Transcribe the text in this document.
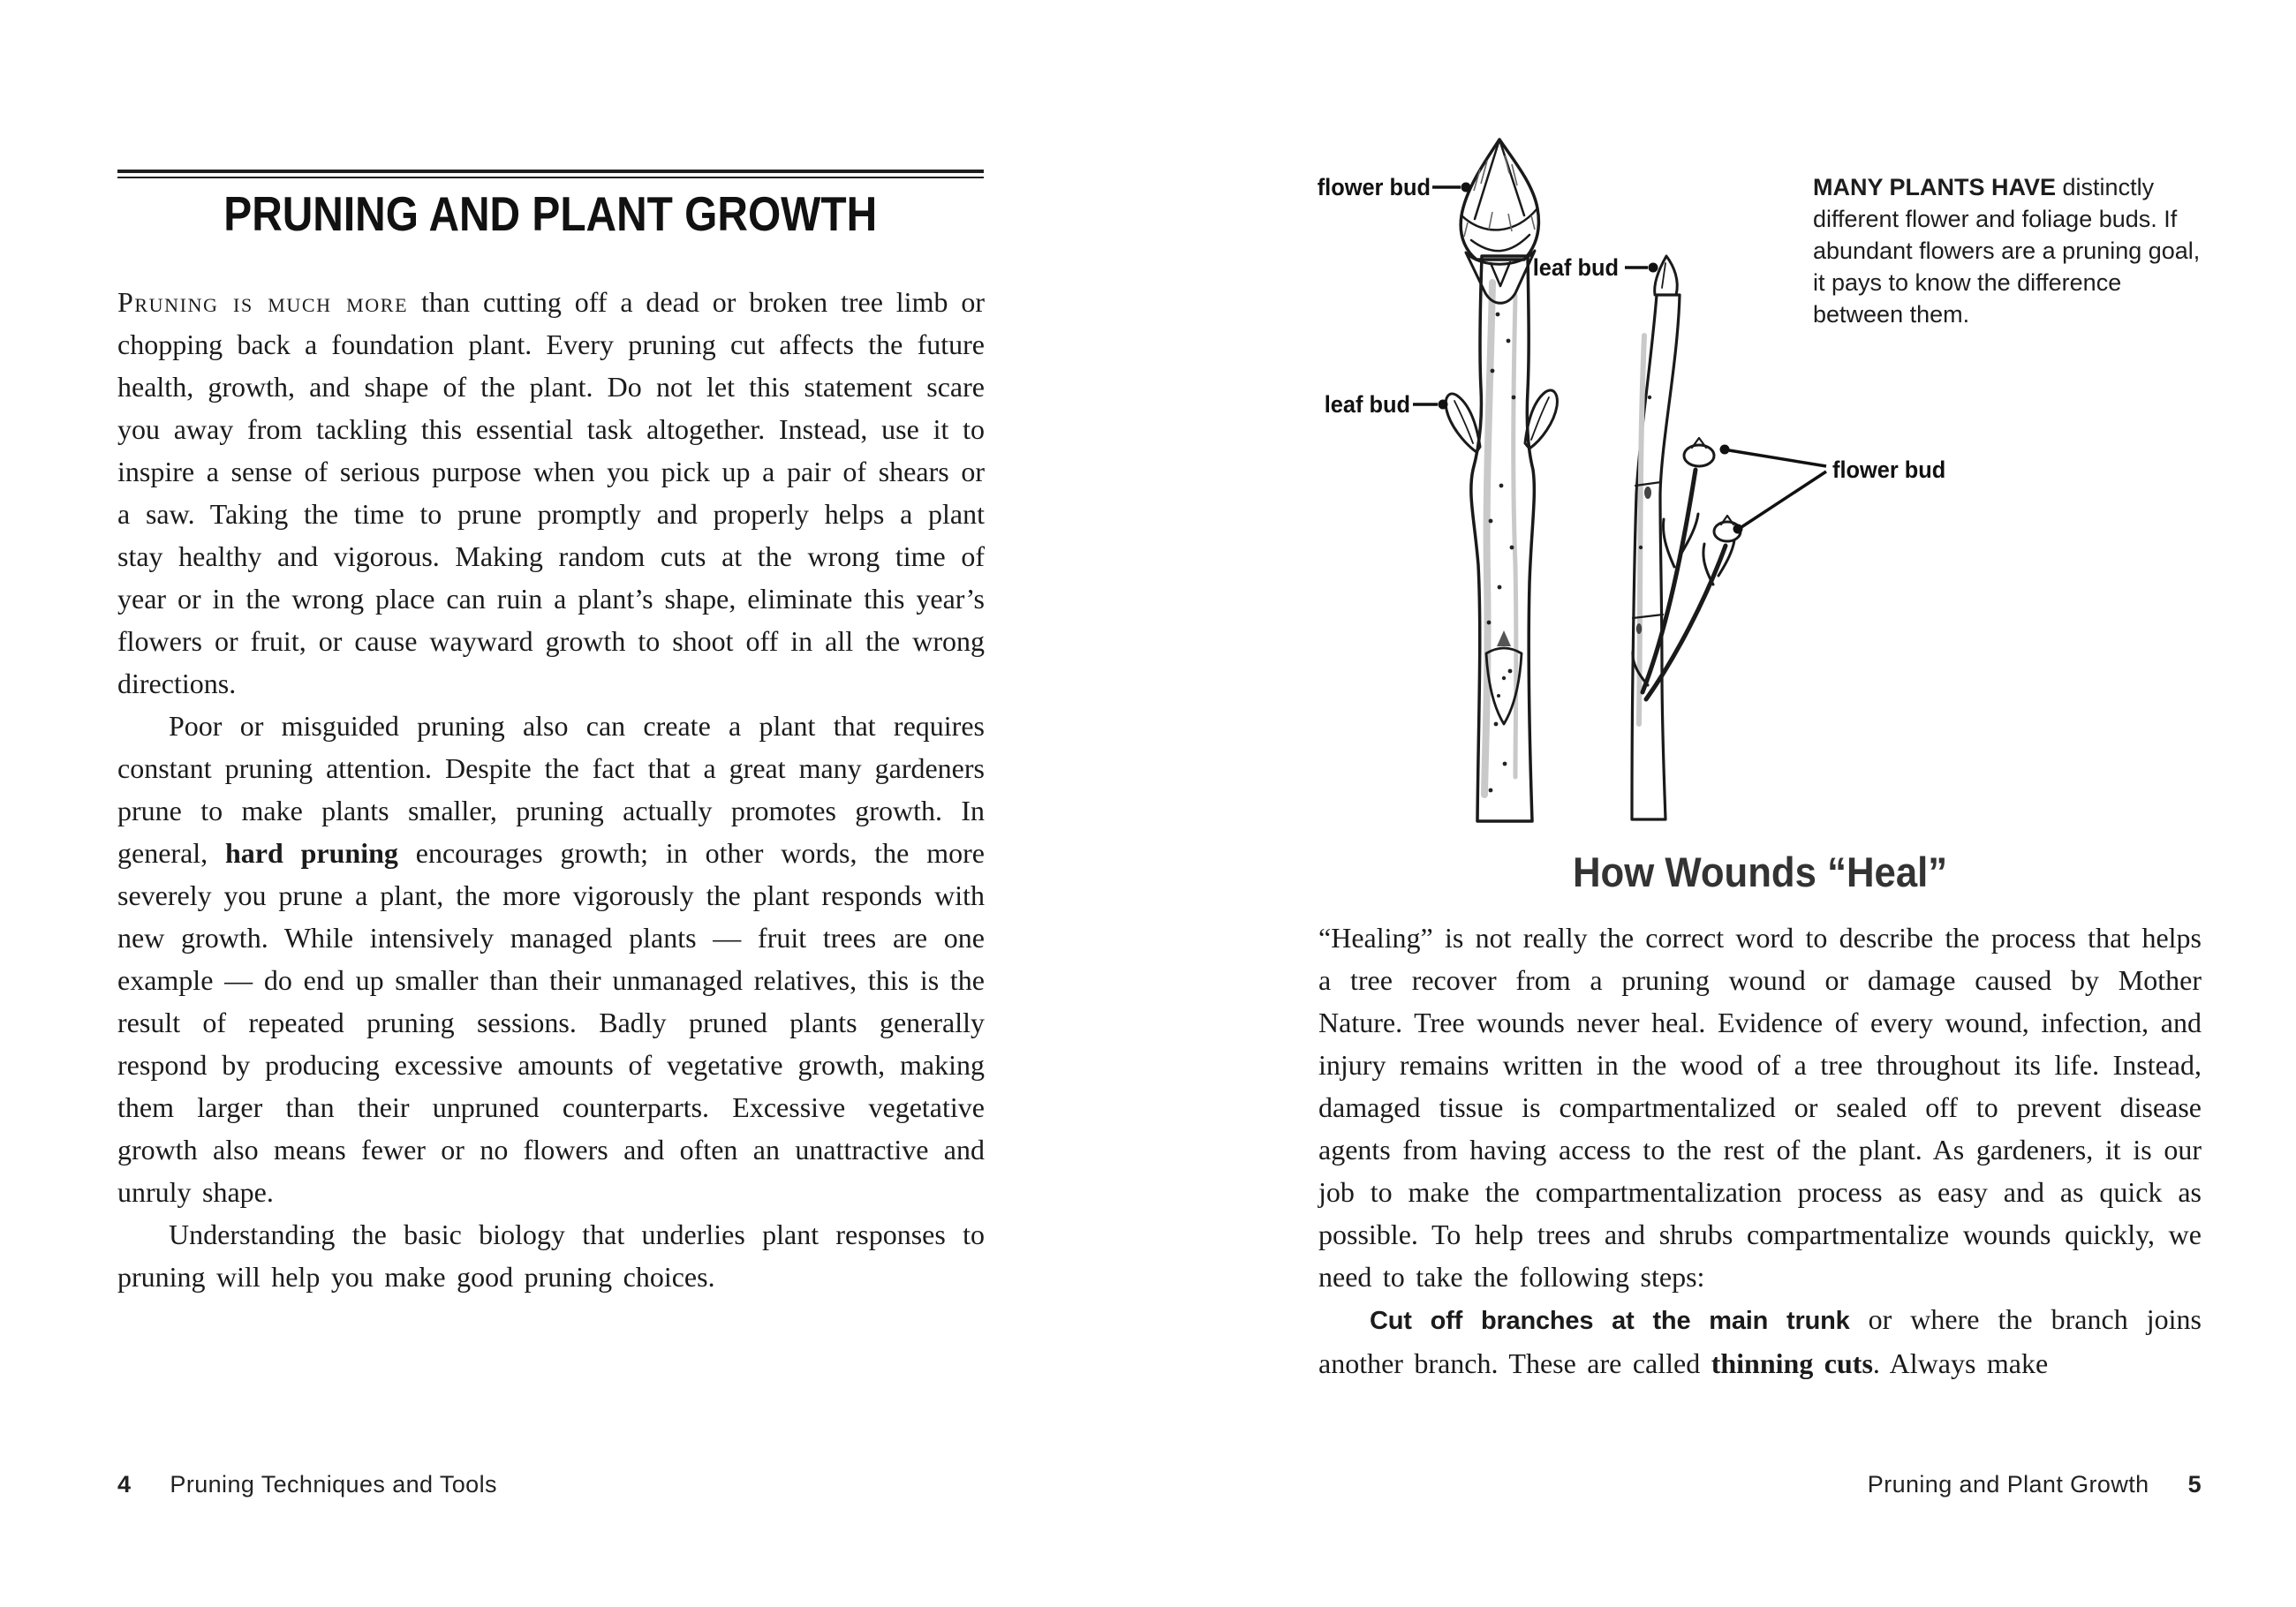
PRUNING AND PLANT GROWTH

Pruning is much more than cutting off a dead or broken tree limb or chopping back a foundation plant. Every pruning cut affects the future health, growth, and shape of the plant. Do not let this statement scare you away from tackling this essential task altogether. Instead, use it to inspire a sense of serious purpose when you pick up a pair of shears or a saw. Taking the time to prune promptly and properly helps a plant stay healthy and vigorous. Making random cuts at the wrong time of year or in the wrong place can ruin a plant’s shape, eliminate this year’s flowers or fruit, or cause wayward growth to shoot off in all the wrong directions.

Poor or misguided pruning also can create a plant that requires constant pruning attention. Despite the fact that a great many gardeners prune to make plants smaller, pruning actually promotes growth. In general, hard pruning encourages growth; in other words, the more severely you prune a plant, the more vigorously the plant responds with new growth. While intensively managed plants — fruit trees are one example — do end up smaller than their unmanaged relatives, this is the result of repeated pruning sessions. Badly pruned plants generally respond by producing excessive amounts of vegetative growth, making them larger than their unpruned counterparts. Excessive vegetative growth also means fewer or no flowers and often an unattractive and unruly shape.

Understanding the basic biology that underlies plant responses to pruning will help you make good pruning choices.

4 Pruning Techniques and Tools
flower bud
leaf bud
leaf bud
flower bud
MANY PLANTS HAVE distinctly different flower and foliage buds. If abundant flowers are a pruning goal, it pays to know the difference between them.
How Wounds “Heal”

“Healing” is not really the correct word to describe the process that helps a tree recover from a pruning wound or damage caused by Mother Nature. Tree wounds never heal. Evidence of every wound, infection, and injury remains written in the wood of a tree throughout its life. Instead, damaged tissue is compartmentalized or sealed off to prevent disease agents from having access to the rest of the plant. As gardeners, it is our job to make the compartmentalization process as easy and as quick as possible. To help trees and shrubs compartmentalize wounds quickly, we need to take the following steps:

Cut off branches at the main trunk or where the branch joins another branch. These are called thinning cuts. Always make

Pruning and Plant Growth 5
